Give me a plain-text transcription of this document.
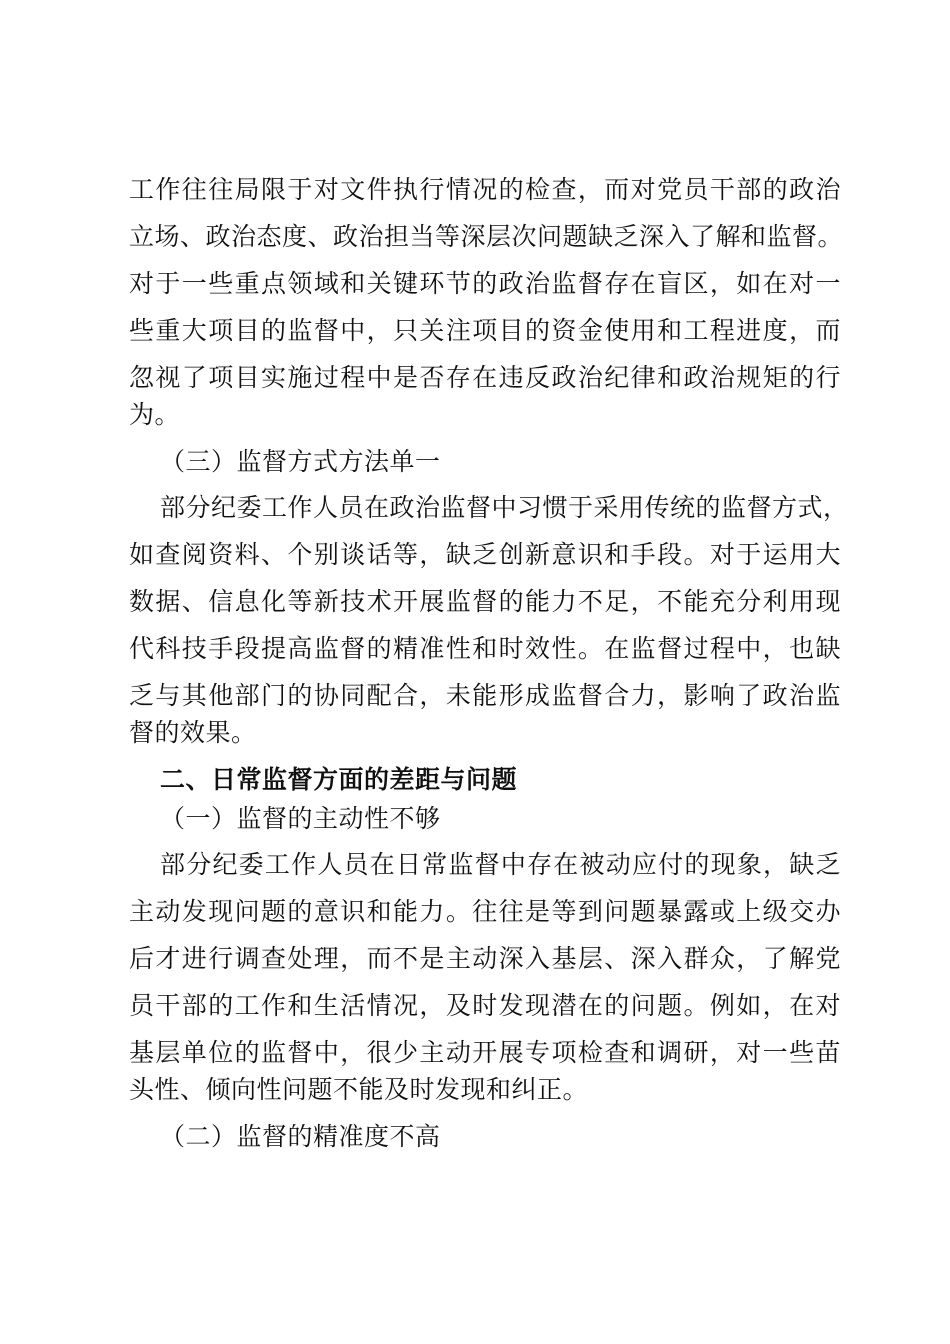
工作往往局限于对文件执行情况的检查，而对党员干部的政治
立场、政治态度、政治担当等深层次问题缺乏深入了解和监督。
对于一些重点领域和关键环节的政治监督存在盲区，如在对一
些重大项目的监督中，只关注项目的资金使用和工程进度，而
忽视了项目实施过程中是否存在违反政治纪律和政治规矩的行
为。
（三）监督方式方法单一
部分纪委工作人员在政治监督中习惯于采用传统的监督方式，
如查阅资料、个别谈话等，缺乏创新意识和手段。对于运用大
数据、信息化等新技术开展监督的能力不足，不能充分利用现
代科技手段提高监督的精准性和时效性。在监督过程中，也缺
乏与其他部门的协同配合，未能形成监督合力，影响了政治监
督的效果。
二、日常监督方面的差距与问题
（一）监督的主动性不够
部分纪委工作人员在日常监督中存在被动应付的现象，缺乏
主动发现问题的意识和能力。往往是等到问题暴露或上级交办
后才进行调查处理，而不是主动深入基层、深入群众，了解党
员干部的工作和生活情况，及时发现潜在的问题。例如，在对
基层单位的监督中，很少主动开展专项检查和调研，对一些苗
头性、倾向性问题不能及时发现和纠正。
（二）监督的精准度不高
